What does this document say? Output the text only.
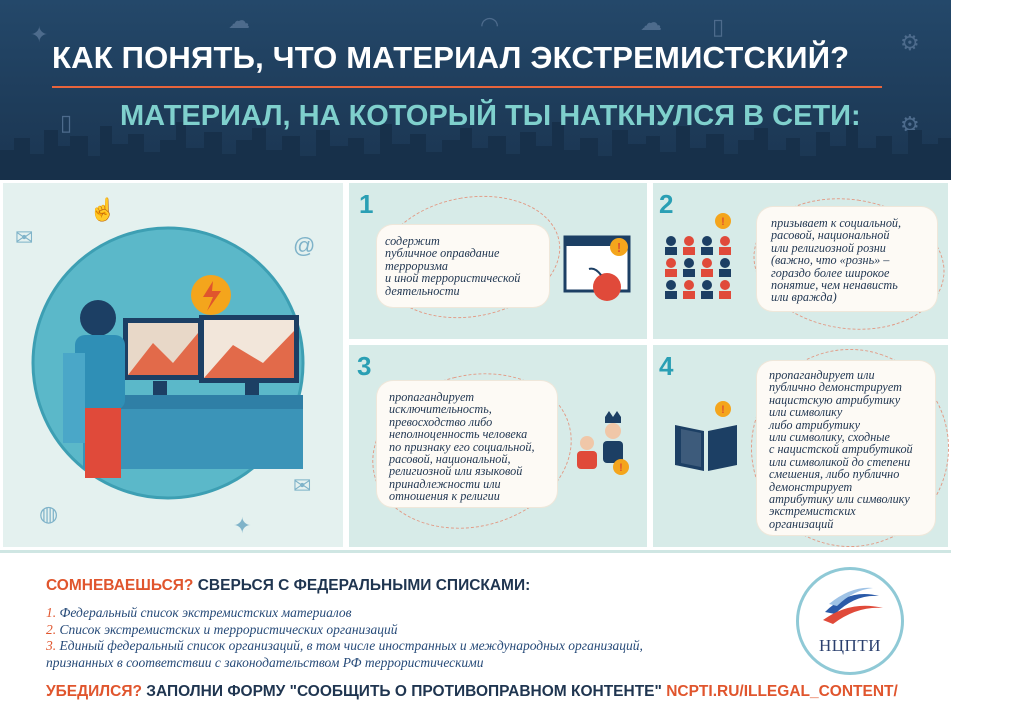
✦
☁	◠	☁ ▯
⚙
▯	⚙
КАК ПОНЯТЬ, ЧТО МАТЕРИАЛ ЭКСТРЕМИСТСКИЙ?
МАТЕРИАЛ, НА КОТОРЫЙ ТЫ НАТКНУЛСЯ В СЕТИ:
✉
☝
@
✉
◍	✦
1
содержит
публичное оправдание
терроризма
и иной террористической
деятельности
!
2
!	призывает к социальной,
расовой, национальной
или религиозной розни
(важно, что «рознь» –
гораздо более широкое
понятие, чем ненависть
или вражда)
3
пропагандирует
исключительность,
превосходство либо
неполноценность человека
по признаку его социальной,
расовой, национальной,
религиозной или языковой
принадлежности или
отношения к религии
!
4
!
пропагандирует или
публично демонстрирует
нацистскую атрибутику
или символику
либо атрибутику
или символику, сходные
с нацистской атрибутикой
или символикой до степени
смешения, либо публично
демонстрирует
атрибутику или символику
экстремистских
организаций
СОМНЕВАЕШЬСЯ? СВЕРЬСЯ С ФЕДЕРАЛЬНЫМИ СПИСКАМИ:
1. Федеральный список экстремистских материалов
2. Список экстремистских и террористических организаций
3. Единый федеральный список организаций, в том числе иностранных и международных организаций,
признанных в соответствии с законодательством РФ террористическими
УБЕДИЛСЯ? ЗАПОЛНИ ФОРМУ "СООБЩИТЬ О ПРОТИВОПРАВНОМ КОНТЕНТЕ" NCPTI.RU/ILLEGAL_CONTENT/
НЦПТИ
